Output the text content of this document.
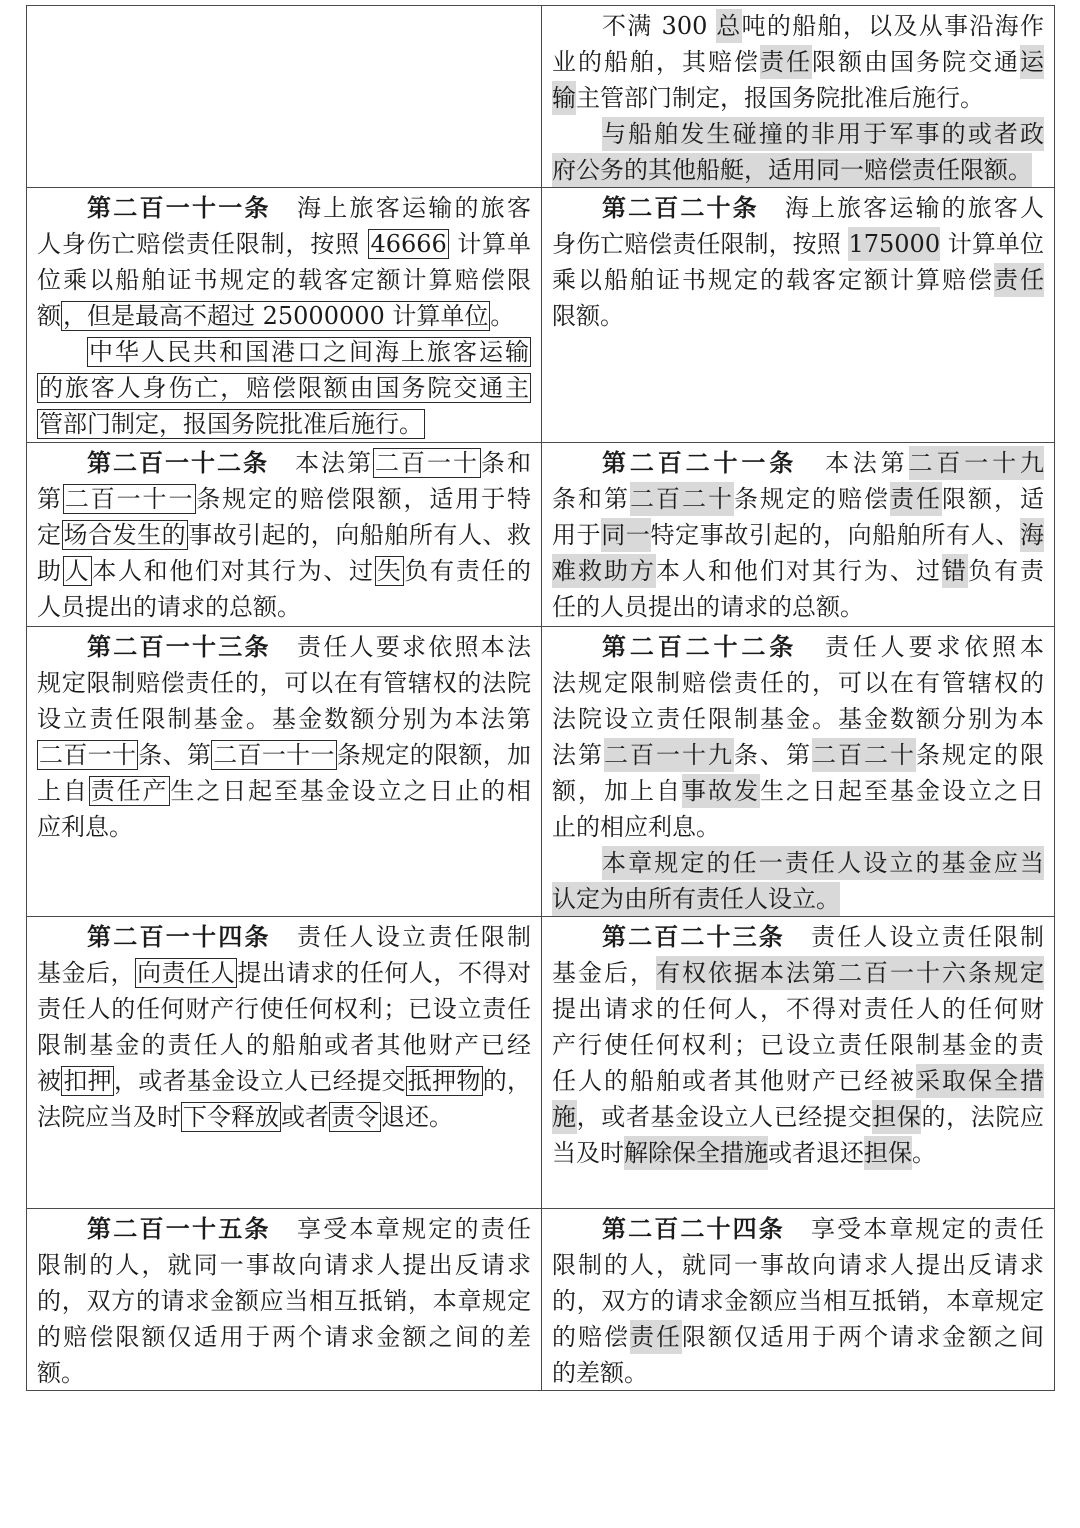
不满 300 总吨的船舶，以及从事沿海作
业的船舶，其赔偿责任限额由国务院交通运
输主管部门制定，报国务院批准后施行。
与船舶发生碰撞的非用于军事的或者政
府公务的其他船艇，适用同一赔偿责任限额。
第二百一十一条　海上旅客运输的旅客
人身伤亡赔偿责任限制，按照 46666 计算单
位乘以船舶证书规定的载客定额计算赔偿限
额，但是最高不超过 25000000 计算单位。
中华人民共和国港口之间海上旅客运输
的旅客人身伤亡，赔偿限额由国务院交通主
管部门制定，报国务院批准后施行。
第二百二十条　海上旅客运输的旅客人
身伤亡赔偿责任限制，按照 175000 计算单位
乘以船舶证书规定的载客定额计算赔偿责任
限额。
第二百一十二条　本法第二百一十条和
第二百一十一条规定的赔偿限额，适用于特
定场合发生的事故引起的，向船舶所有人、救
助人本人和他们对其行为、过失负有责任的
人员提出的请求的总额。
第二百二十一条　本法第二百一十九
条和第二百二十条规定的赔偿责任限额，适
用于同一特定事故引起的，向船舶所有人、海
难救助方本人和他们对其行为、过错负有责
任的人员提出的请求的总额。
第二百一十三条　责任人要求依照本法
规定限制赔偿责任的，可以在有管辖权的法院
设立责任限制基金。基金数额分别为本法第
二百一十条、第二百一十一条规定的限额，加
上自责任产生之日起至基金设立之日止的相
应利息。
第二百二十二条　责任人要求依照本
法规定限制赔偿责任的，可以在有管辖权的
法院设立责任限制基金。基金数额分别为本
法第二百一十九条、第二百二十条规定的限
额，加上自事故发生之日起至基金设立之日
止的相应利息。
本章规定的任一责任人设立的基金应当
认定为由所有责任人设立。
第二百一十四条　责任人设立责任限制
基金后，向责任人提出请求的任何人，不得对
责任人的任何财产行使任何权利；已设立责任
限制基金的责任人的船舶或者其他财产已经
被扣押，或者基金设立人已经提交抵押物的，
法院应当及时下令释放或者责令退还。
第二百二十三条　责任人设立责任限制
基金后，有权依据本法第二百一十六条规定
提出请求的任何人，不得对责任人的任何财
产行使任何权利；已设立责任限制基金的责
任人的船舶或者其他财产已经被采取保全措
施，或者基金设立人已经提交担保的，法院应
当及时解除保全措施或者退还担保。
第二百一十五条　享受本章规定的责任
限制的人，就同一事故向请求人提出反请求
的，双方的请求金额应当相互抵销，本章规定
的赔偿限额仅适用于两个请求金额之间的差
额。
第二百二十四条　享受本章规定的责任
限制的人，就同一事故向请求人提出反请求
的，双方的请求金额应当相互抵销，本章规定
的赔偿责任限额仅适用于两个请求金额之间
的差额。
